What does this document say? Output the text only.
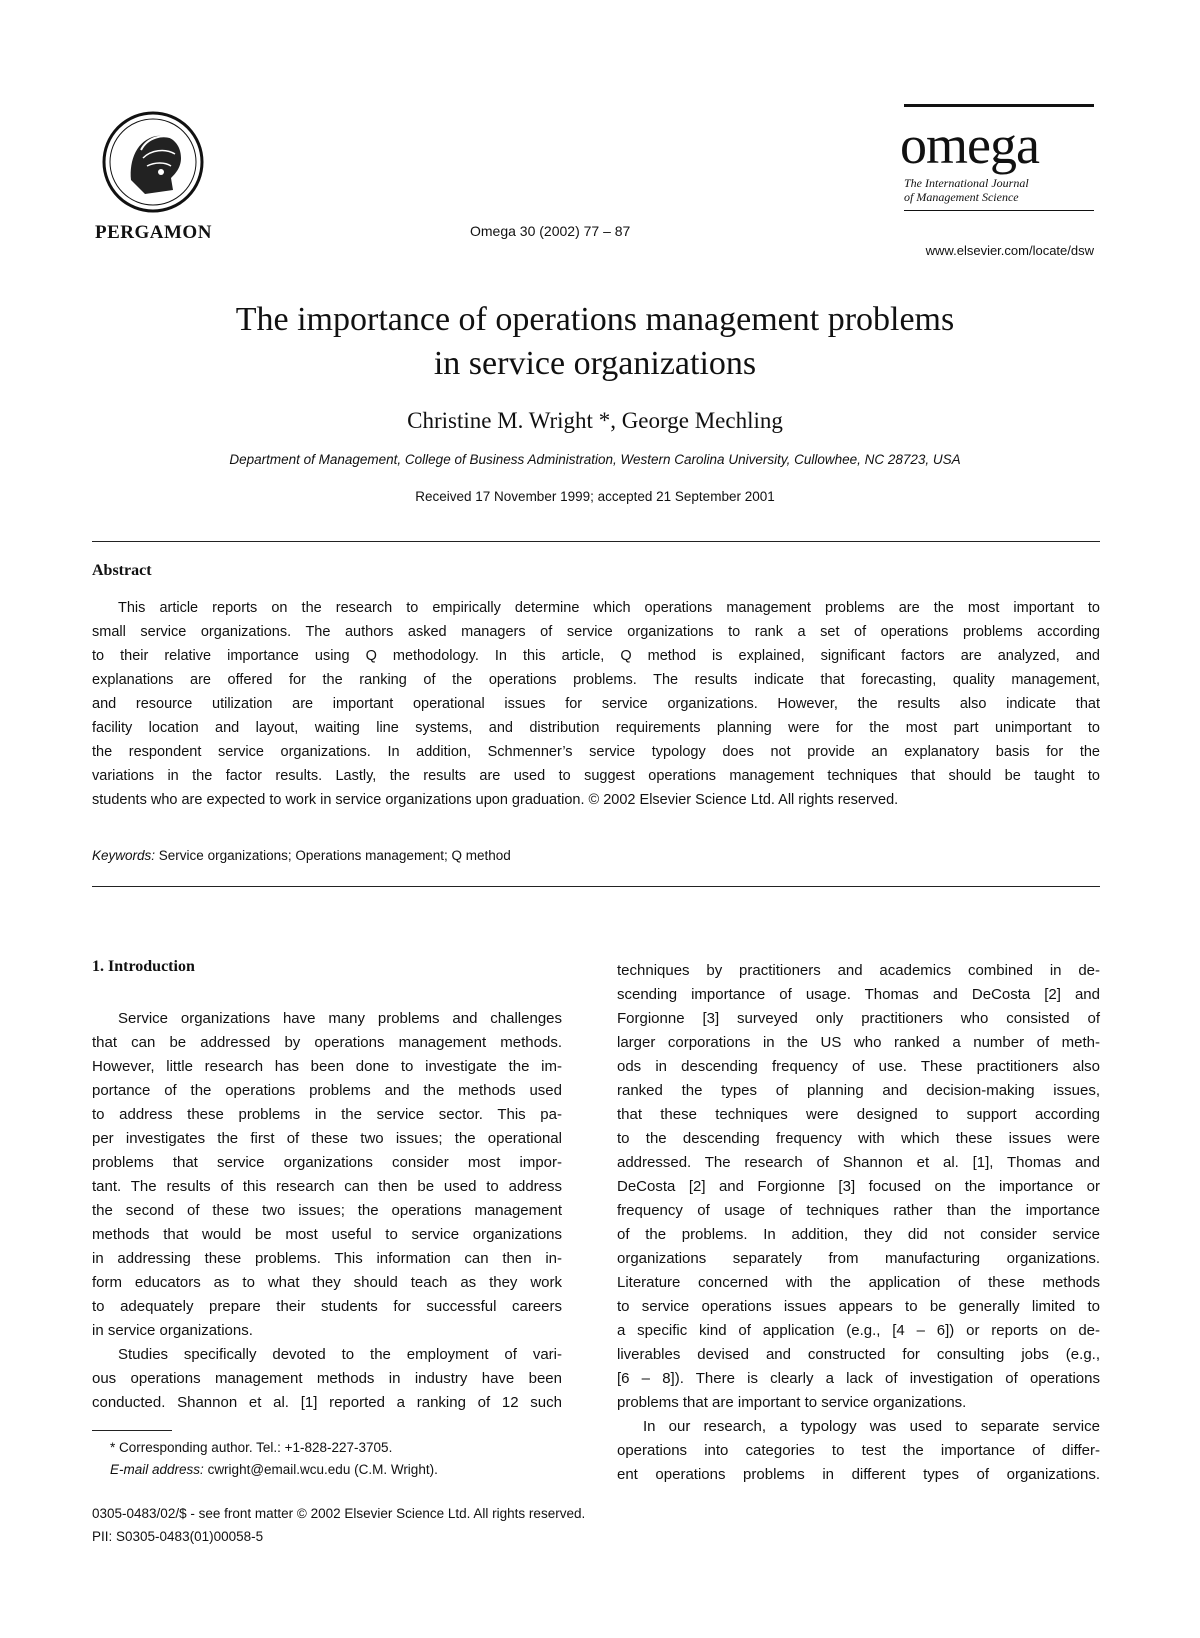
PERGAMON	Omega 30 (2002) 77 – 87
omega
The International Journal
of Management Science
www.elsevier.com/locate/dsw
The importance of operations management problems
in service organizations
Christine M. Wright *, George Mechling
Department of Management, College of Business Administration, Western Carolina University, Cullowhee, NC 28723, USA
Received 17 November 1999; accepted 21 September 2001
Abstract
This article reports on the research to empirically determine which operations management problems are the most important to
small service organizations. The authors asked managers of service organizations to rank a set of operations problems according
to their relative importance using Q methodology. In this article, Q method is explained, significant factors are analyzed, and
explanations are offered for the ranking of the operations problems. The results indicate that forecasting, quality management,
and resource utilization are important operational issues for service organizations. However, the results also indicate that
facility location and layout, waiting line systems, and distribution requirements planning were for the most part unimportant to
the respondent service organizations. In addition, Schmenner’s service typology does not provide an explanatory basis for the
variations in the factor results. Lastly, the results are used to suggest operations management techniques that should be taught to
students who are expected to work in service organizations upon graduation. © 2002 Elsevier Science Ltd. All rights reserved.
Keywords: Service organizations; Operations management; Q method
1. Introduction
Service organizations have many problems and challenges
that can be addressed by operations management methods.
However, little research has been done to investigate the im-
portance of the operations problems and the methods used
to address these problems in the service sector. This pa-
per investigates the first of these two issues; the operational
problems that service organizations consider most impor-
tant. The results of this research can then be used to address
the second of these two issues; the operations management
methods that would be most useful to service organizations
in addressing these problems. This information can then in-
form educators as to what they should teach as they work
to adequately prepare their students for successful careers
in service organizations.
Studies specifically devoted to the employment of vari-
ous operations management methods in industry have been
conducted. Shannon et al. [1] reported a ranking of 12 such
techniques by practitioners and academics combined in de-
scending importance of usage. Thomas and DeCosta [2] and
Forgionne [3] surveyed only practitioners who consisted of
larger corporations in the US who ranked a number of meth-
ods in descending frequency of use. These practitioners also
ranked the types of planning and decision-making issues,
that these techniques were designed to support according
to the descending frequency with which these issues were
addressed. The research of Shannon et al. [1], Thomas and
DeCosta [2] and Forgionne [3] focused on the importance or
frequency of usage of techniques rather than the importance
of the problems. In addition, they did not consider service
organizations separately from manufacturing organizations.
Literature concerned with the application of these methods
to service operations issues appears to be generally limited to
a specific kind of application (e.g., [4 – 6]) or reports on de-
liverables devised and constructed for consulting jobs (e.g.,
[6 – 8]). There is clearly a lack of investigation of operations
problems that are important to service organizations.
In our research, a typology was used to separate service
operations into categories to test the importance of differ-
ent operations problems in different types of organizations.
* Corresponding author. Tel.: +1-828-227-3705.
E-mail address: cwright@email.wcu.edu (C.M. Wright).
0305-0483/02/$ - see front matter © 2002 Elsevier Science Ltd. All rights reserved.
PII: S0305-0483(01)00058-5
